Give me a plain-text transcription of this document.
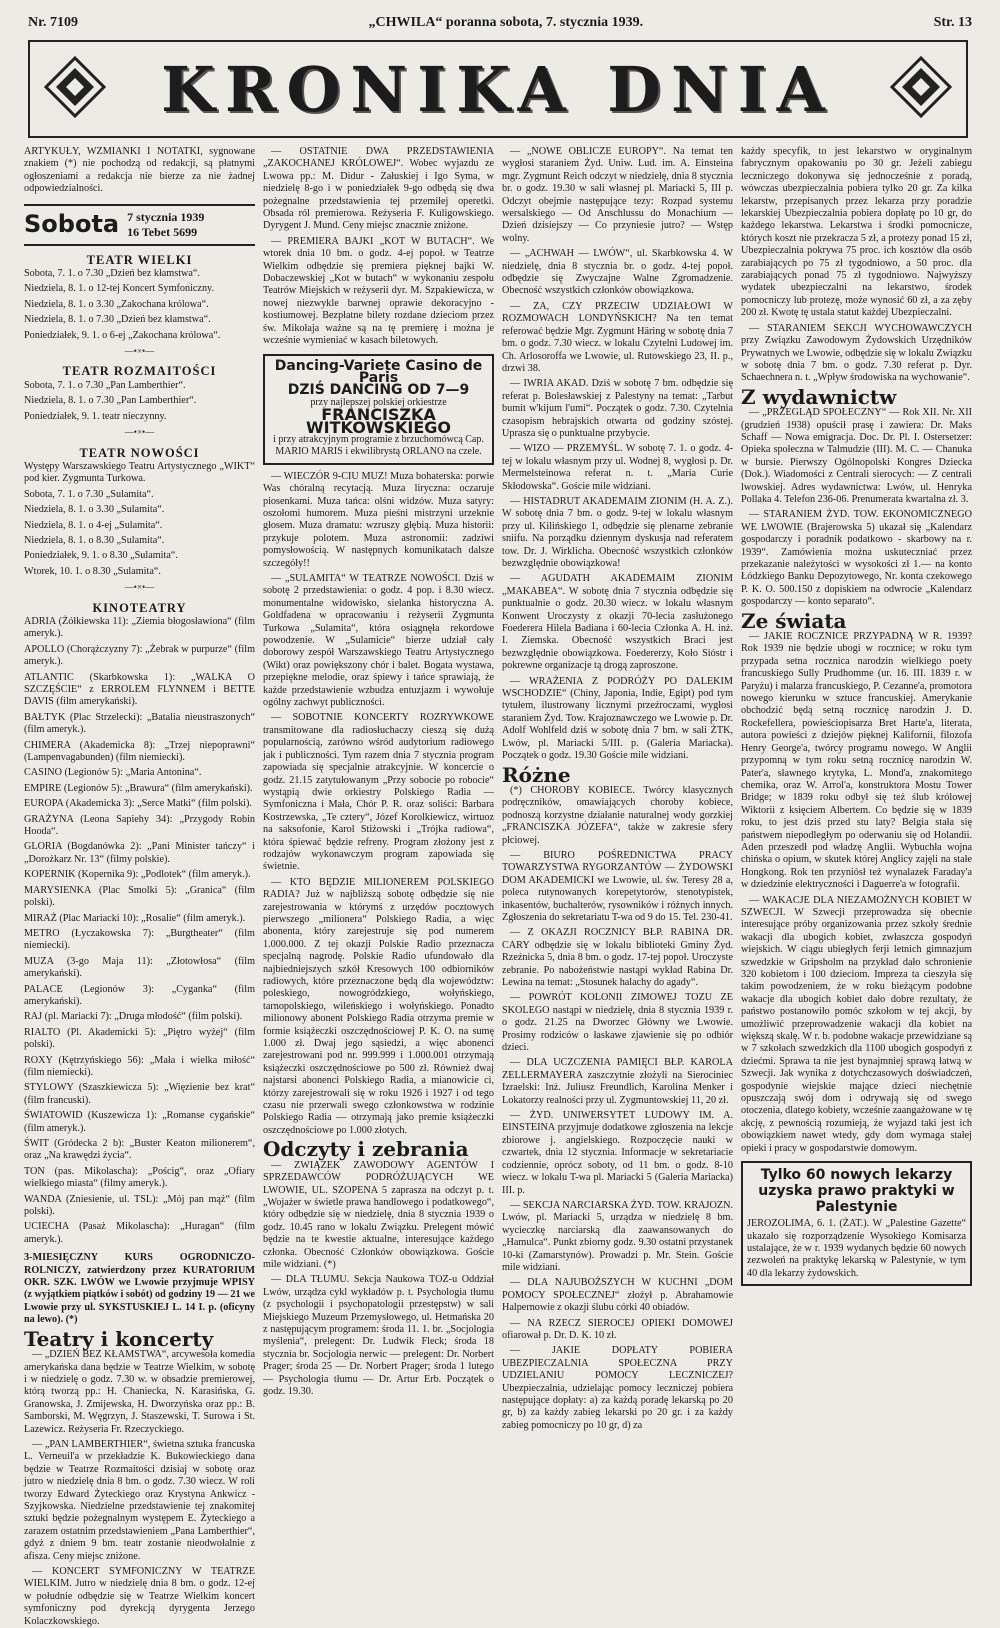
Nr. 7109	„CHWILA“ poranna sobota, 7. stycznia 1939.	Str. 13
KRONIKA DNIA

ARTYKUŁY, WZMIANKI I NOTATKI, sygnowane znakiem (*) nie pochodzą od redakcji, są płatnymi ogłoszeniami a redakcja nie bierze za nie żadnej odpowiedzialności.

Sobota 7 stycznia 1939
16 Tebet 5699
TEATR WIELKI

Sobota, 7. 1. o 7.30 „Dzień bez kłamstwa“.

Niedziela, 8. 1. o 12-tej Koncert Symfoniczny.

Niedziela, 8. 1. o 3.30 „Zakochana królowa“.

Niedziela, 8. 1. o 7.30 „Dzień bez kłamstwa“.

Poniedziałek, 9. 1. o 6-ej „Zakochana królowa“.

—•×•—
TEATR ROZMAITOŚCI

Sobota, 7. 1. o 7.30 „Pan Lamberthier“.

Niedziela, 8. 1. o 7.30 „Pan Lamberthier“.

Poniedziałek, 9. 1. teatr nieczynny.

—•×•—
TEATR NOWOŚCI

Występy Warszawskiego Teatru Artystycznego „WIKT“ pod kier. Zygmunta Turkowa.

Sobota, 7. 1. o 7.30 „Sulamita“.

Niedziela, 8. 1. o 3.30 „Sulamita“.

Niedziela, 8. 1. o 4-ej „Sulamita“.

Niedziela, 8. 1. o 8.30 „Sulamita“.

Poniedziałek, 9. 1. o 8.30 „Sulamita“.

Wtorek, 10. 1. o 8.30 „Sulamita“.

—•×•—
KINOTEATRY

ADRIA (Żółkiewska 11): „Ziemia błogosławiona“ (film ameryk.).

APOLLO (Chorążczyzny 7): „Żebrak w purpurze“ (film ameryk.).

ATLANTIC (Skarbkowska 1): „WALKA O SZCZĘŚCIE“ z ERROLEM FLYNNEM i BETTE DAVIS (film amerykański).

BAŁTYK (Plac Strzelecki): „Batalia nieustraszonych“ (film ameryk.).

CHIMERA (Akademicka 8): „Trzej niepoprawni“ (Lampenvagabunden) (film niemiecki).

CASINO (Legionów 5): „Maria Antonina“.

EMPIRE (Legionów 5): „Brawura“ (film amerykański).

EUROPA (Akademicka 3): „Serce Matki“ (film polski).

GRAŻYNA (Leona Sapiehy 34): „Przygody Robin Hooda“.

GLORIA (Bogdanówka 2): „Pani Minister tańczy“ i „Dorożkarz Nr. 13“ (filmy polskie).

KOPERNIK (Kopernika 9): „Podlotek“ (film ameryk.).

MARYSIENKA (Plac Smolki 5): „Granica“ (film polski).

MIRAŻ (Plac Mariacki 10): „Rosalie“ (film ameryk.).

METRO (Łyczakowska 7): „Burgtheater“ (film niemiecki).

MUZA (3-go Maja 11): „Złotowłosa“ (film amerykański).

PALACE (Legionów 3): „Cyganka“ (film amerykański).

RAJ (pl. Mariacki 7): „Druga młodość“ (film polski).

RIALTO (Pl. Akademicki 5): „Piętro wyżej“ (film polski).

ROXY (Kętrzyńskiego 56): „Mała i wielka miłość“ (film niemiecki).

STYLOWY (Szaszkiewicza 5): „Więzienie bez krat“ (film francuski).

ŚWIATOWID (Kuszewicza 1): „Romanse cygańskie“ (film ameryk.).

ŚWIT (Gródecka 2 b): „Buster Keaton milionerem“, oraz „Na krawędzi życia“.

TON (pas. Mikolascha): „Pościg“, oraz „Ofiary wielkiego miasta“ (filmy ameryk.).

WANDA (Zniesienie, ul. TSL): „Mój pan mąż“ (film polski).

UCIECHA (Pasaż Mikolascha): „Huragan“ (film ameryk.).

3-MIESIĘCZNY KURS OGRODNICZO-ROLNICZY, zatwierdzony przez KURATORIUM OKR. SZK. LWÓW we Lwowie przyjmuje WPISY (z wyjątkiem piątków i sobót) od godziny 19 — 21 we Lwowie przy ul. SYKSTUSKIEJ L. 14 I. p. (oficyny na lewo). (*)

Teatry i koncerty

— „DZIEŃ BEZ KŁAMSTWA“, arcywesoła komedia amerykańska dana będzie w Teatrze Wielkim, w sobotę i w niedzielę o godz. 7.30 w. w obsadzie premierowej, którą tworzą pp.: H. Chaniecka, N. Karasińska, G. Granowska, J. Zmijewska, H. Dworzyńska oraz pp.: B. Samborski, M. Węgrzyn, J. Staszewski, T. Surowa i St. Lazewicz. Reżyseria Fr. Rzeczyckiego.

— „PAN LAMBERTHIER“, świetna sztuka francuska L. Verneuil'a w przekładzie K. Bukowieckiego dana będzie w Teatrze Rozmaitości dzisiaj w sobotę oraz jutro w niedzielę dnia 8 bm. o godz. 7.30 wiecz. W roli tworzy Edward Żyteckiego oraz Krystyna Ankwicz - Szyjkowska. Niedzielne przedstawienie tej znakomitej sztuki będzie pożegnalnym występem E. Żyteckiego a zarazem ostatnim przedstawieniem „Pana Lamberthier“, gdyż z dniem 9 bm. teatr zostanie nieodwołalnie z afisza. Ceny miejsc zniżone.

— KONCERT SYMFONICZNY W TEATRZE WIELKIM. Jutro w niedzielę dnia 8 bm. o godz. 12-ej w południe odbędzie się w Teatrze Wielkim koncert symfoniczny pod dyrekcją dyrygenta Jerzego Kolaczkowskiego.

— OSTATNIE DWA PRZEDSTAWIENIA „ZAKOCHANEJ KRÓLOWEJ“. Wobec wyjazdu ze Lwowa pp.: M. Didur - Załuskiej i Igo Syma, w niedzielę 8-go i w poniedziałek 9-go odbędą się dwa pożegnalne przedstawienia tej przemiłej operetki. Obsada ról premierowa. Reżyseria F. Kuligowskiego. Dyrygent J. Mund. Ceny miejsc znacznie zniżone.

— PREMIERA BAJKI „KOT W BUTACH“. We wtorek dnia 10 bm. o godz. 4-ej popoł. w Teatrze Wielkim odbędzie się premiera pięknej bajki W. Dobaczewskiej „Kot w butach“ w wykonaniu zespołu Teatrów Miejskich w reżyserii dyr. M. Szpakiewicza, w nowej niezwykle barwnej oprawie dekoracyjno - kostiumowej. Bezpłatne bilety rozdane dzieciom przez św. Mikołaja ważne są na tę premierę i można je wcześnie wymieniać w kasach biletowych.

Dancing-Variete Casino de Paris
DZIŚ DANCING OD 7—9
przy najlepszej polskiej orkiestrze
FRANCISZKA WITKOWSKIEGO
i przy atrakcyjnym programie z brzuchomówcą Cap. MARIO MARIS i ekwilibrystą ORLANO na czele.

— WIECZÓR 9-CIU MUZ! Muza bohaterska: porwie Was chóralną recytacją. Muza liryczna: oczaruje piosenkami. Muza tańca: olśni widzów. Muza satyry: oszołomi humorem. Muza pieśni mistrzyni urzeknie głosem. Muza dramatu: wzruszy głębią. Muza historii: przykuje polotem. Muza astronomii: zadziwi pomysłowością. W następnych komunikatach dalsze szczegóły!!

— „SULAMITA“ W TEATRZE NOWOŚCI. Dziś w sobotę 2 przedstawienia: o godz. 4 pop. i 8.30 wiecz. monumentalne widowisko, sielanka historyczna A. Goldfadena w opracowaniu i reżyserii Zygmunta Turkowa „Sulamita“, która osiągnęła rekordowe powodzenie. W „Sulamicie“ bierze udział cały doborowy zespół Warszawskiego Teatru Artystycznego (Wikt) oraz powiększony chór i balet. Bogata wystawa, przepiękne melodie, oraz śpiewy i tańce sprawiają, że każde przedstawienie wzbudza entuzjazm i wywołuje ogólny zachwyt publiczności.

— SOBOTNIE KONCERTY ROZRYWKOWE transmitowane dla radiosłuchaczy cieszą się dużą popularnością, zarówno wśród audytorium radiowego jak i publiczności. Tym razem dnia 7 stycznia program zapowiada się specjalnie atrakcyjnie. W koncercie o godz. 21.15 zatytułowanym „Przy sobocie po robocie“ wystąpią dwie orkiestry Polskiego Radia — Symfoniczna i Mała, Chór P. R. oraz soliści: Barbara Kostrzewska, „Te cztery“, Józef Korolkiewicz, wirtuoz na saksofonie, Karol Stiżowski i „Trójka radiowa“, która śpiewać będzie refreny. Program złożony jest z rodzajów wykonawczym program zapowiada się świetnie.

— KTO BĘDZIE MILIONEREM POLSKIEGO RADIA? Już w najbliższą sobotę odbędzie się nie zarejestrowania w którymś z urzędów pocztowych pierwszego „milionera“ Polskiego Radia, a więc abonenta, który zarejestruje się pod numerem 1.000.000. Z tej okazji Polskie Radio przeznacza specjalną nagrodę. Polskie Radio ufundowało dla najbiedniejszych szkół Kresowych 100 odbiorników radiowych, które przeznaczone będą dla województw: poleskiego, nowogródzkiego, wołyńskiego, tarnopolskiego, wileńskiego i wołyńskiego. Ponadto milionowy abonent Polskiego Radia otrzyma premie w formie książeczki oszczędnościowej P. K. O. na sumę 1.000 zł. Dwaj jego sąsiedzi, a więc abonenci zarejestrowani pod nr. 999.999 i 1.000.001 otrzymają książeczki oszczędnościowe po 500 zł. Również dwaj najstarsi abonenci Polskiego Radia, a mianowicie ci, którzy zarejestrowali się w roku 1926 i 1927 i od tego czasu nie przerwali swego członkowstwa w rodzinie Polskiego Radia — otrzymają jako premie książeczki oszczędnościowe po 1.000 złotych.

Odczyty i zebrania

— ZWIĄZEK ZAWODOWY AGENTÓW I SPRZEDAWCÓW PODRÓŻUJĄCYCH WE LWOWIE, UL. SZOPENA 5 zaprasza na odczyt p. t. „Wojażer w świetle prawa handlowego i podatkowego“, który odbędzie się w niedzielę, dnia 8 stycznia 1939 o godz. 10.45 rano w lokalu Związku. Prelegent mówić będzie na te kwestie aktualne, interesujące każdego członka. Obecność Członków obowiązkowa. Goście mile widziani. (*)

— DLA TŁUMU. Sekcja Naukowa TOZ-u Oddział Lwów, urządza cykl wykładów p. t. Psychologia tłumu (z psychologii i psychopatologii przestępstw) w sali Miejskiego Muzeum Przemysłowego, ul. Hetmańska 20 z następującym programem: środa 11. 1. br. „Socjologia myślenia“, prelegent: Dr. Ludwik Fleck; środa 18 stycznia br. Socjologia nerwic — prelegent: Dr. Norbert Prager; środa 25 — Dr. Norbert Prager; środa 1 lutego — Psychologia tłumu — Dr. Artur Erb. Początek o godz. 19.30.

— „NOWE OBLICZE EUROPY“. Na temat ten wygłosi staraniem Żyd. Uniw. Lud. im. A. Einsteina mgr. Zygmunt Reich odczyt w niedzielę, dnia 8 stycznia br. o godz. 19.30 w sali własnej pl. Mariacki 5, III p. Odczyt obejmie następujące tezy: Rozpad systemu wersalskiego — Od Anschlussu do Monachium — Dzień dzisiejszy — Co przyniesie jutro? — Wstęp wolny.

— „ACHWAH — LWÓW“, ul. Skarbkowska 4. W niedzielę, dnia 8 stycznia br. o godz. 4-tej popoł. odbędzie się Zwyczajne Walne Zgromadzenie. Obecność wszystkich członków obowiązkowa.

— ZA, CZY PRZECIW UDZIAŁOWI W ROZMOWACH LONDYŃSKICH? Na ten temat referować będzie Mgr. Zygmunt Häring w sobotę dnia 7 bm. o godz. 7.30 wiecz. w lokalu Czytelni Ludowej im. Ch. Arlosoroffa we Lwowie, ul. Rutowskiego 23, II. p., drzwi 38.

— IWRIA AKAD. Dziś w sobotę 7 bm. odbędzie się referat p. Bolesławskiej z Palestyny na temat: „Tarbut bumit w'kijum l'umi“. Początek o godz. 7.30. Czytelnia czasopism hebrajskich otwarta od godziny szóstej. Uprasza się o punktualne przybycie.

— WIZO — PRZEMYŚL. W sobotę 7. 1. o godz. 4-tej w lokalu własnym przy ul. Wodnej 8, wygłosi p. Dr. Mermelsteinowa referat n. t. „Maria Curie Skłodowska“. Goście mile widziani.

— HISTADRUT AKADEMAIM ZIONIM (H. A. Z.). W sobotę dnia 7 bm. o godz. 9-tej w lokalu własnym przy ul. Kilińskiego 1, odbędzie się plenarne zebranie sniifu. Na porządku dziennym dyskusja nad referatem tow. Dr. J. Wirklicha. Obecność wszystkich członków bezwzględnie obowiązkowa!

— AGUDATH AKADEMAIM ZIONIM „MAKABEA“. W sobotę dnia 7 stycznia odbędzie się punktualnie o godz. 20.30 wiecz. w lokalu własnym Konwent Uroczysty z okazji 70-lecia zasłużonego Foederera Hilela Badiana i 60-lecia Członka A. H. inż. I. Ziemska. Obecność wszystkich Braci jest bezwzględnie obowiązkowa. Foedererzy, Koło Sióstr i pokrewne organizacje tą drogą zaproszone.

— WRAŻENIA Z PODRÓŻY PO DALEKIM WSCHODZIE“ (Chiny, Japonia, Indie, Egipt) pod tym tytułem, ilustrowany licznymi przeźroczami, wygłosi staraniem Żyd. Tow. Krajoznawczego we Lwowie p. Dr. Adolf Wohlfeld dziś w sobotę dnia 7 bm. w sali ŻTK, Lwów, pl. Mariacki 5/III. p. (Galeria Mariacka). Początek o godz. 19.30 Goście mile widziani.

Różne

(*) CHOROBY KOBIECE. Twórcy klasycznych podręczników, omawiających choroby kobiece, podnoszą korzystne działanie naturalnej wody gorzkiej „FRANCISZKA JÓZEFA“, także w zakresie sfery płciowej.

— BIURO POŚREDNICTWA PRACY TOWARZYSTWA RYGORZANTÓW — ŻYDOWSKI DOM AKADEMICKI we Lwowie, ul. św. Teresy 28 a, poleca rutynowanych korepetytorów, stenotypistek, inkasentów, buchalterów, rysowników i różnych innych. Zgłoszenia do sekretariatu T-wa od 9 do 15. Tel. 230-41.

— Z OKAZJI ROCZNICY BŁP. RABINA DR. CARY odbędzie się w lokalu biblioteki Gminy Żyd. Rzeźnicka 5, dnia 8 bm. o godz. 17-tej popoł. Uroczyste zebranie. Po nabożeństwie nastąpi wykład Rabina Dr. Lewina na temat: „Stosunek halachy do agady“.

— POWRÓT KOLONII ZIMOWEJ TOZU ZE SKOLEGO nastąpi w niedzielę, dnia 8 stycznia 1939 r. o godz. 21.25 na Dworzec Główny we Lwowie. Prosimy rodziców o łaskawe zjawienie się po odbiór dzieci.

— DLA UCZCZENIA PAMIĘCI BŁP. KAROLA ZELLERMAYERA zaszczytnie złożyli na Sierociniec Izraelski: Inż. Juliusz Freundlich, Karolina Menker i Lokatorzy realności przy ul. Zygmuntowskiej 11, 20 zł.

— ŻYD. UNIWERSYTET LUDOWY IM. A. EINSTEINA przyjmuje dodatkowe zgłoszenia na lekcje zbiorowe j. angielskiego. Rozpoczęcie nauki w czwartek, dnia 12 stycznia. Informacje w sekretariacie codziennie, oprócz soboty, od 11 bm. o godz. 8-10 wiecz. w lokalu T-wa pl. Mariacki 5 (Galeria Mariacka) III. p.

— SEKCJA NARCIARSKA ŻYD. TOW. KRAJOZN. Lwów, pl. Mariacki 5, urządza w niedzielę 8 bm. wycieczkę narciarską dla zaawansowanych do „Hamulca“. Punkt zbiorny godz. 9.30 ostatni przystanek 10-ki (Zamarstynów). Prowadzi p. Mr. Stein. Goście mile widziani.

— DLA NAJUBOŻSZYCH W KUCHNI „DOM POMOCY SPOŁECZNEJ“ złożył p. Abrahamowie Halpernowie z okazji ślubu córki 40 obiadów.

— NA RZECZ SIEROCEJ OPIEKI DOMOWEJ ofiarował p. Dr. D. K. 10 zł.

— JAKIE DOPŁATY POBIERA UBEZPIECZALNIA SPOŁECZNA PRZY UDZIELANIU POMOCY LECZNICZEJ? Ubezpieczalnia, udzielając pomocy leczniczej pobiera następujące dopłaty: a) za każdą poradę lekarską po 20 gr, b) za każdy zabieg lekarski po 20 gr. i za każdy zabieg pomocniczy po 10 gr, d) za

każdy specyfik, to jest lekarstwo w oryginalnym fabrycznym opakowaniu po 30 gr. Jeżeli zabiegu leczniczego dokonywa się jednocześnie z poradą, wówczas ubezpieczalnia pobiera tylko 20 gr. Za kilka lekarstw, przepisanych przez lekarza przy poradzie lekarskiej Ubezpieczalnia pobiera dopłatę po 10 gr, do każdego lekarstwa. Lekarstwa i środki pomocnicze, których koszt nie przekracza 5 zł, a protezy ponad 15 zł, Ubezpieczalnia pokrywa 75 proc. ich kosztów dla osób zarabiających po 75 zł tygodniowo, a 50 proc. dla zarabiających ponad 75 zł tygodniowo. Najwyższy wydatek ubezpieczalni na lekarstwo, środek pomocniczy lub protezę, może wynosić 60 zł, a za zęby 200 zł. Kwotę tę ustala statut każdej Ubezpieczalni.

— STARANIEM SEKCJI WYCHOWAWCZYCH przy Związku Zawodowym Żydowskich Urzędników Prywatnych we Lwowie, odbędzie się w lokalu Związku w sobotę dnia 7 bm. o godz. 7.30 referat p. Dyr. Schaechnera n. t. „Wpływ środowiska na wychowanie“.

Z wydawnictw

— „PRZEGLĄD SPOŁECZNY“ — Rok XII. Nr. XII (grudzień 1938) opuścił prasę i zawiera: Dr. Maks Schaff — Nowa emigracja. Doc. Dr. Pl. I. Ostersetzer: Opieka społeczna w Talmudzie (III). M. C. — Chanuka w bursie. Pierwszy Ogólnopolski Kongres Dziecka (Dok.). Wiadomości z Centrali sierocych: — Z centrali lwowskiej. Adres wydawnictwa: Lwów, ul. Henryka Pollaka 4. Telefon 236-06. Prenumerata kwartalna zł. 3.

— STARANIEM ŻYD. TOW. EKONOMICZNEGO WE LWOWIE (Brajerowska 5) ukazał się „Kalendarz gospodarczy i poradnik podatkowo - skarbowy na r. 1939“. Zamówienia można uskuteczniać przez przekazanie należytości w wysokości zł 1.— na konto Łódzkiego Banku Depozytowego, Nr. konta czekowego P. K. O. 500.150 z dopiskiem na odwrocie „Kalendarz gospodarczy — konto separato“.

Ze świata

— JAKIE ROCZNICE PRZYPADNĄ W R. 1939? Rok 1939 nie będzie ubogi w rocznice; w roku tym przypada setna rocznica narodzin wielkiego poety francuskiego Sully Prudhomme (ur. 16. III. 1839 r. w Paryżu) i malarza francuskiego, P. Cezanne'a, promotora nowego kierunku w sztuce francuskiej. Amerykanie obchodzić będą setną rocznicę narodzin J. D. Rockefellera, powieściopisarza Bret Harte'a, literata, autora powieści z dziejów pięknej Kalifornii, filozofa Henry George'a, twórcy programu nowego. W Anglii przypomną w tym roku setną rocznicę narodzin W. Pater'a, sławnego krytyka, L. Mond'a, znakomitego chemika, oraz W. Arrol'a, konstruktora Mostu Tower Bridge; w 1839 roku odbył się też ślub królowej Wiktorii z księciem Albertem. Co będzie się w 1839 roku, to jest dziś przed stu laty? Belgia stała się państwem niepodległym po oderwaniu się od Holandii. Aden przeszedł pod władzę Anglii. Wybuchła wojna chińska o opium, w skutek której Anglicy zajęli na stałe Hongkong. Rok ten przyniósł też wynalazek Faraday'a w dziedzinie elektryczności i Daguerre'a w fotografii.

— WAKACJE DLA NIEZAMOŻNYCH KOBIET W SZWECJI. W Szwecji przeprowadza się obecnie interesujące próby organizowania przez szkoły średnie wakacji dla ubogich kobiet, zwłaszcza gospodyń wiejskich. W ciągu ubiegłych ferji letnich gimnazjum szwedzkie w Gripsholm na przykład dało schronienie 320 kobietom i 100 dzieciom. Impreza ta cieszyła się takim powodzeniem, że w roku bieżącym podobne wakacje dla ubogich kobiet dało dobre rezultaty, że państwo postanowiło pomóc szkołom w tej akcji, by umożliwić przeprowadzenie wakacji dla kobiet na większą skalę. W r. b. podobne wakacje przewidziane są w 7 szkołach szwedzkich dla 1100 ubogich gospodyń z dziećmi. Sprawa ta nie jest bynajmniej sprawą łatwą w Szwecji. Jak wynika z dotychczasowych doświadczeń, gospodynie wiejskie mające dzieci niechętnie opuszczają swój dom i odrywają się od swego otoczenia, dlatego kobiety, wcześnie zaangażowane w tę akcję, z pewnością rozumieją, że wyjazd taki jest ich obowiązkiem nawet wtedy, gdy dom wymaga stałej opieki i pracy w gospodarstwie domowym.

Tylko 60 nowych lekarzy uzyska prawo praktyki w Palestynie
JEROZOLIMA, 6. 1. (ŻAT.). W „Palestine Gazette“ ukazało się rozporządzenie Wysokiego Komisarza ustalające, że w r. 1939 wydanych będzie 60 nowych zezwoleń na praktykę lekarską w Palestynie, w tym 40 dla lekarzy żydowskich.
